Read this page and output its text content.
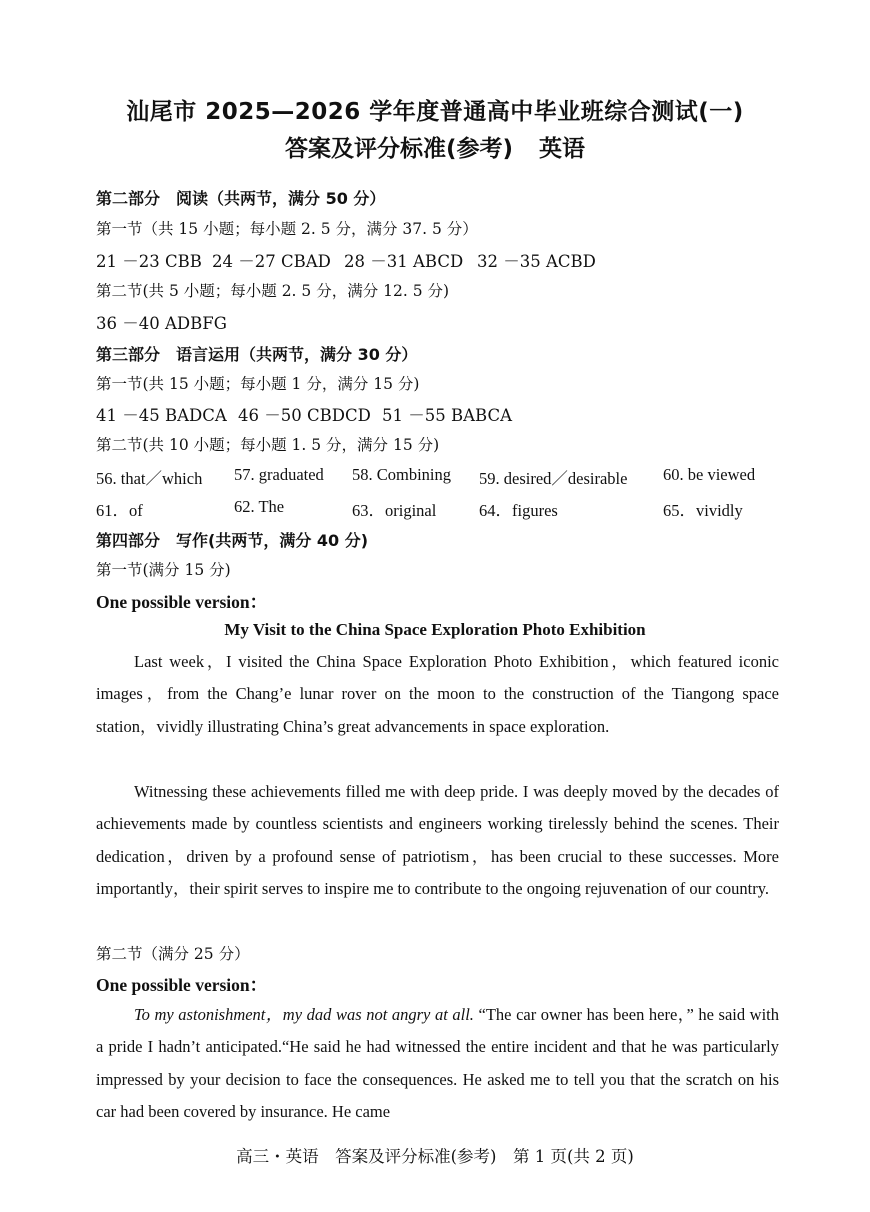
汕尾市 2025—2026 学年度普通高中毕业班综合测试(一)
答案及评分标准(参考) 英语
第二部分　阅读（共两节，满分 50 分）
第一节（共 15 小题；每小题 2. 5 分，满分 37. 5 分）
21 －23 CBB 24 －27 CBAD 28 －31 ABCD 32 －35 ACBD
第二节(共 5 小题；每小题 2. 5 分，满分 12. 5 分)
36 －40 ADBFG
第三部分　语言运用（共两节，满分 30 分）
第一节(共 15 小题；每小题 1 分，满分 15 分)
41 －45 BADCA 46 －50 CBDCD 51 －55 BABCA
第二节(共 10 小题；每小题 1. 5 分，满分 15 分)
56. that／which 57. graduated 58. Combining 59. desired／desirable 60. be viewed
61．of	62. The	63．original	64．figures	65．vividly
第四部分　写作(共两节，满分 40 分)
第一节(满分 15 分)
One possible version：
My Visit to the China Space Exploration Photo Exhibition
Last week，I visited the China Space Exploration Photo Exhibition，which featured iconic images，from the Chang’e lunar rover on the moon to the construction of the Tiangong space station，vividly illustrating China’s great advancements in space exploration.
Witnessing these achievements filled me with deep pride. I was deeply moved by the decades of achievements made by countless scientists and engineers working tirelessly behind the scenes. Their dedication，driven by a profound sense of patriotism，has been crucial to these successes. More importantly，their spirit serves to inspire me to contribute to the ongoing rejuvenation of our country.
第二节（满分 25 分）
One possible version：
To my astonishment，my dad was not angry at all. “The car owner has been here，” he said with a pride I hadn’t anticipated.“He said he had witnessed the entire incident and that he was particularly impressed by your decision to face the consequences. He asked me to tell you that the scratch on his car had been covered by insurance. He came
高三・英语　答案及评分标准(参考)　第 1 页(共 2 页)
